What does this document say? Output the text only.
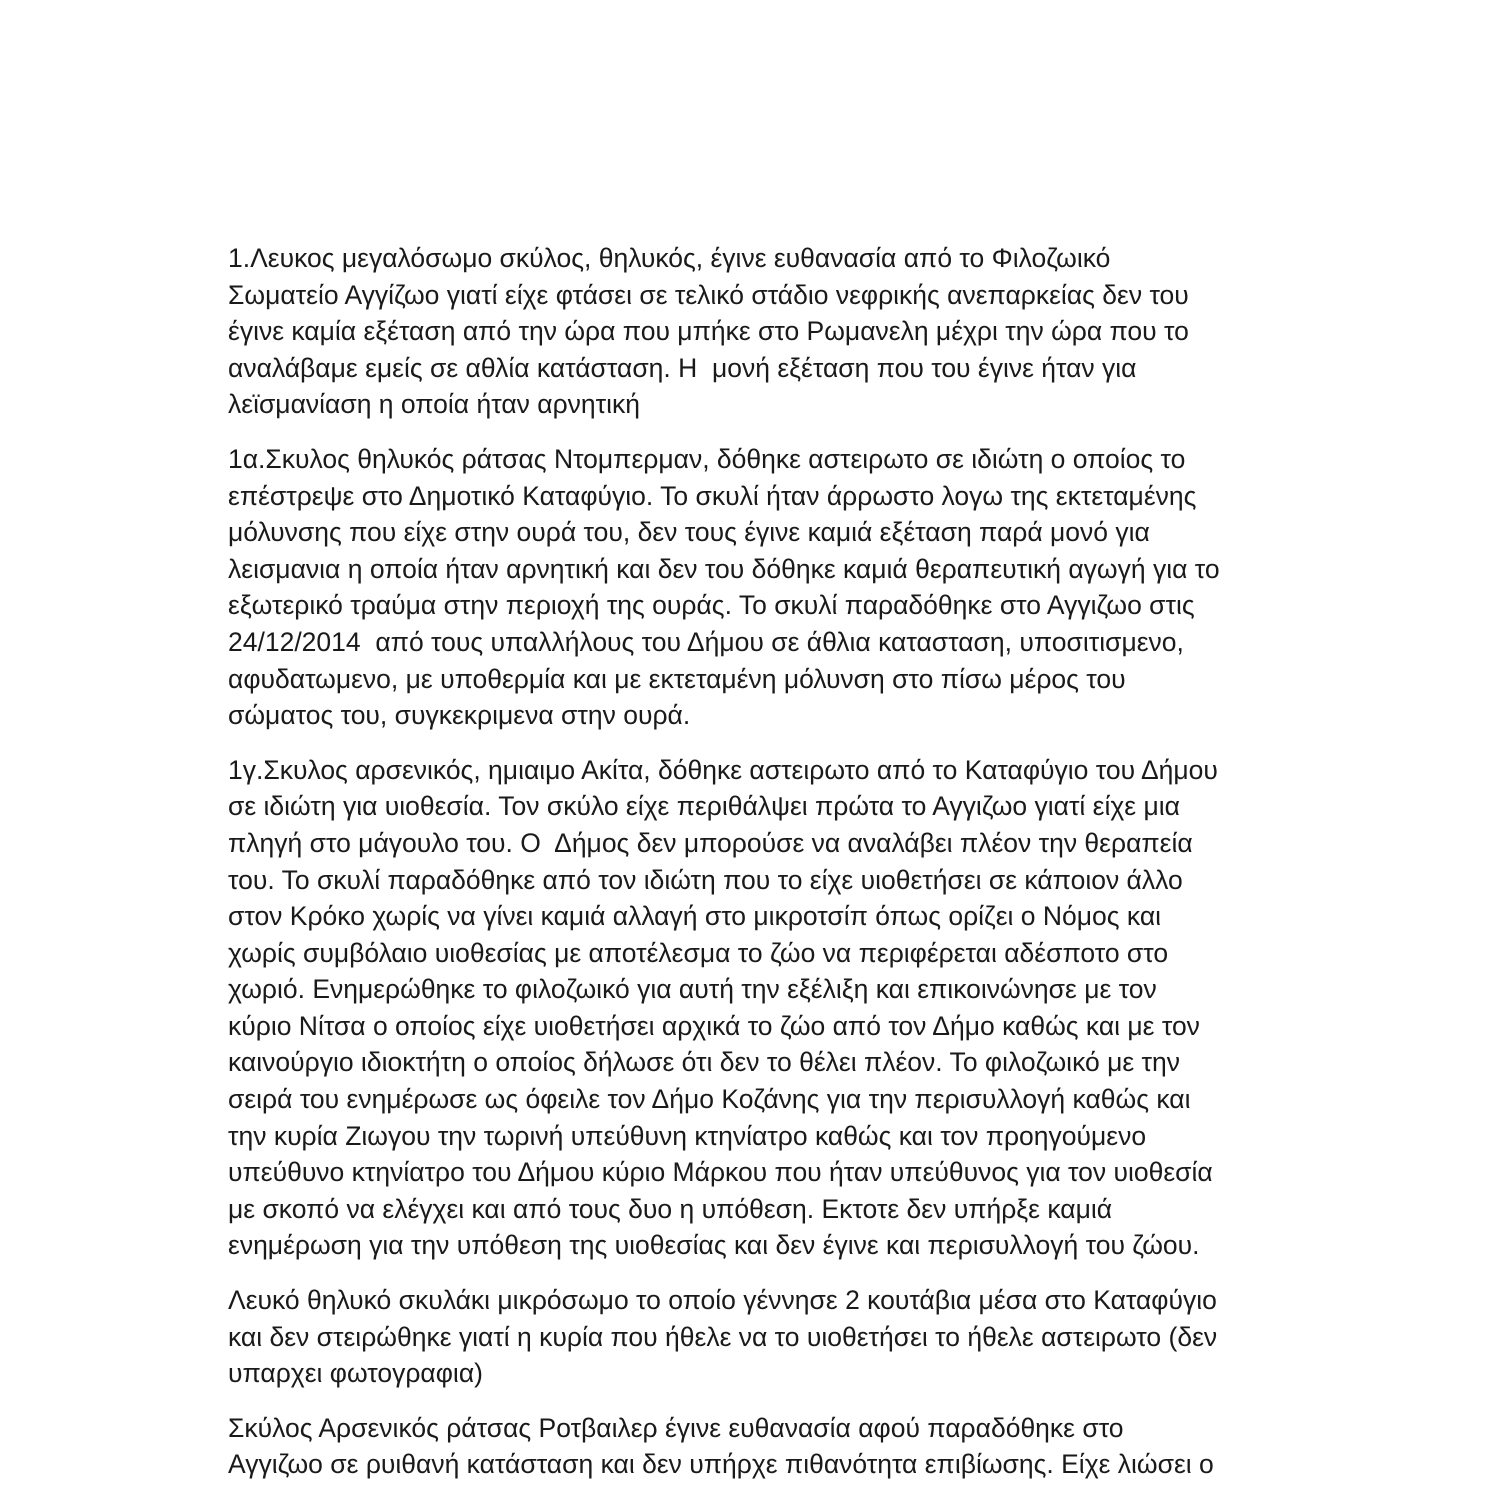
1.Λευκος μεγαλόσωμο σκύλος, θηλυκός, έγινε ευθανασία από το Φιλοζωικό
Σωματείο Αγγίζωο γιατί είχε φτάσει σε τελικό στάδιο νεφρικής ανεπαρκείας δεν του
έγινε καμία εξέταση από την ώρα που μπήκε στο Ρωμανελη μέχρι την ώρα που το
αναλάβαμε εμείς σε αθλία κατάσταση. Η  μονή εξέταση που του έγινε ήταν για
λεϊσμανίαση η οποία ήταν αρνητική

1α.Σκυλος θηλυκός ράτσας Ντομπερμαν, δόθηκε αστειρωτο σε ιδιώτη ο οποίος το
επέστρεψε στο Δημοτικό Καταφύγιο. Το σκυλί ήταν άρρωστο λογω της εκτεταμένης
μόλυνσης που είχε στην ουρά του, δεν τους έγινε καμιά εξέταση παρά μονό για
λεισμανια η οποία ήταν αρνητική και δεν του δόθηκε καμιά θεραπευτική αγωγή για το
εξωτερικό τραύμα στην περιοχή της ουράς. Το σκυλί παραδόθηκε στο Αγγιζωο στις
24/12/2014  από τους υπαλλήλους του Δήμου σε άθλια κατασταση, υποσιτισμενο,
αφυδατωμενο, με υποθερμία και με εκτεταμένη μόλυνση στο πίσω μέρος του
σώματος του, συγκεκριμενα στην ουρά.

1γ.Σκυλος αρσενικός, ημιαιμο Ακίτα, δόθηκε αστειρωτο από το Καταφύγιο του Δήμου
σε ιδιώτη για υιοθεσία. Τον σκύλο είχε περιθάλψει πρώτα το Αγγιζωο γιατί είχε μια
πληγή στο μάγουλο του. Ο  Δήμος δεν μπορούσε να αναλάβει πλέον την θεραπεία
του. Το σκυλί παραδόθηκε από τον ιδιώτη που το είχε υιοθετήσει σε κάποιον άλλο
στον Κρόκο χωρίς να γίνει καμιά αλλαγή στο μικροτσίπ όπως ορίζει ο Νόμος και
χωρίς συμβόλαιο υιοθεσίας με αποτέλεσμα το ζώο να περιφέρεται αδέσποτο στο
χωριό. Ενημερώθηκε το φιλοζωικό για αυτή την εξέλιξη και επικοινώνησε με τον
κύριο Νίτσα ο οποίος είχε υιοθετήσει αρχικά το ζώο από τον Δήμο καθώς και με τον
καινούργιο ιδιοκτήτη ο οποίος δήλωσε ότι δεν το θέλει πλέον. Το φιλοζωικό με την
σειρά του ενημέρωσε ως όφειλε τον Δήμο Κοζάνης για την περισυλλογή καθώς και
την κυρία Ζιωγου την τωρινή υπεύθυνη κτηνίατρο καθώς και τον προηγούμενο
υπεύθυνο κτηνίατρο του Δήμου κύριο Μάρκου που ήταν υπεύθυνος για τον υιοθεσία
με σκοπό να ελέγχει και από τους δυο η υπόθεση. Εκτοτε δεν υπήρξε καμιά
ενημέρωση για την υπόθεση της υιοθεσίας και δεν έγινε και περισυλλογή του ζώου.

Λευκό θηλυκό σκυλάκι μικρόσωμο το οποίο γέννησε 2 κουτάβια μέσα στο Καταφύγιο
και δεν στειρώθηκε γιατί η κυρία που ήθελε να το υιοθετήσει το ήθελε αστειρωτο (δεν
υπαρχει φωτογραφια)

Σκύλος Αρσενικός ράτσας Ροτβαιλερ έγινε ευθανασία αφού παραδόθηκε στο
Αγγιζωο σε ρυιθανή κατάσταση και δεν υπήρχε πιθανότητα επιβίωσης. Είχε λιώσει ο
